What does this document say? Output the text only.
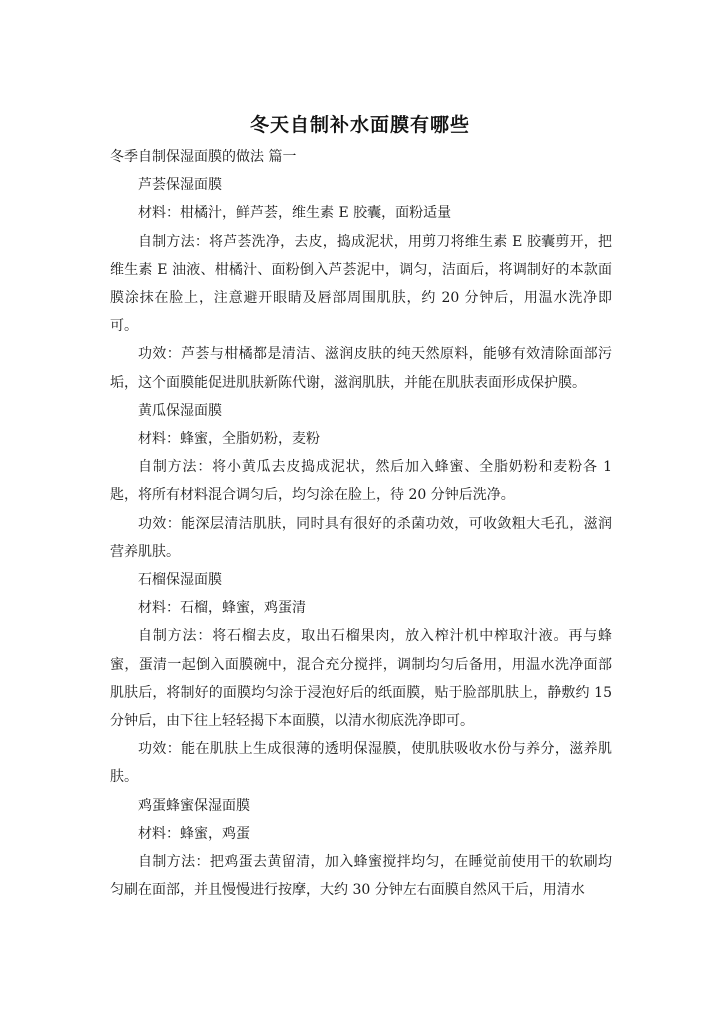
冬天自制补水面膜有哪些

冬季自制保湿面膜的做法 篇一

芦荟保湿面膜

材料：柑橘汁，鲜芦荟，维生素 E 胶囊，面粉适量

自制方法：将芦荟洗净，去皮，捣成泥状，用剪刀将维生素 E 胶囊剪开，把维生素 E 油液、柑橘汁、面粉倒入芦荟泥中，调匀，洁面后，将调制好的本款面膜涂抹在脸上，注意避开眼睛及唇部周围肌肤，约 20 分钟后，用温水洗净即可。

功效：芦荟与柑橘都是清洁、滋润皮肤的纯天然原料，能够有效清除面部污垢，这个面膜能促进肌肤新陈代谢，滋润肌肤，并能在肌肤表面形成保护膜。

黄瓜保湿面膜

材料：蜂蜜，全脂奶粉，麦粉

自制方法：将小黄瓜去皮捣成泥状，然后加入蜂蜜、全脂奶粉和麦粉各 1 匙，将所有材料混合调匀后，均匀涂在脸上，待 20 分钟后洗净。

功效：能深层清洁肌肤，同时具有很好的杀菌功效，可收敛粗大毛孔，滋润营养肌肤。

石榴保湿面膜

材料：石榴，蜂蜜，鸡蛋清

自制方法：将石榴去皮，取出石榴果肉，放入榨汁机中榨取汁液。再与蜂蜜，蛋清一起倒入面膜碗中，混合充分搅拌，调制均匀后备用，用温水洗净面部肌肤后，将制好的面膜均匀涂于浸泡好后的纸面膜，贴于脸部肌肤上，静敷约 15 分钟后，由下往上轻轻揭下本面膜，以清水彻底洗净即可。

功效：能在肌肤上生成很薄的透明保湿膜，使肌肤吸收水份与养分，滋养肌肤。

鸡蛋蜂蜜保湿面膜

材料：蜂蜜，鸡蛋

自制方法：把鸡蛋去黄留清，加入蜂蜜搅拌均匀，在睡觉前使用干的软刷均匀刷在面部，并且慢慢进行按摩，大约 30 分钟左右面膜自然风干后，用清水
